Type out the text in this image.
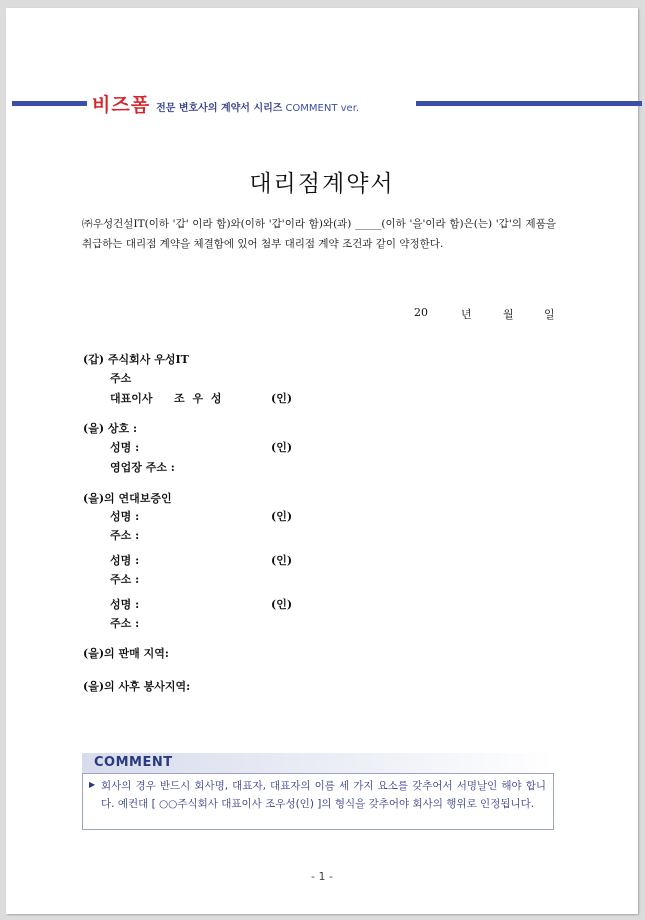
비즈폼 전문 변호사의 계약서 시리즈 COMMENT ver.
대리점계약서
㈜우성건설IT(이하 '갑' 이라 함)와(이하 '갑'이라 함)와(과) _____(이하 '을'이라 함)은(는) '갑'의 제품을 취급하는 대리점 계약을 체결함에 있어 첨부 대리점 계약 조건과 같이 약정한다.
20	년	월	일
(갑) 주식회사 우성IT
주소
대표이사 조 우 성	(인)
(을) 상호 :
성명 :	(인)
영업장 주소 :
(을)의 연대보증인
성명 :	(인)
주소 :
성명 :	(인)
주소 :
성명 :	(인)
주소 :
(을)의 판매 지역:
(을)의 사후 봉사지역:
COMMENT
▶ 회사의 경우 반드시 회사명, 대표자, 대표자의 이름 세 가지 요소를 갖추어서 서명날인 해야 합니다. 예컨대 [ ○○주식회사 대표이사 조우성(인) ]의 형식을 갖추어야 회사의 행위로 인정됩니다.
- 1 -
